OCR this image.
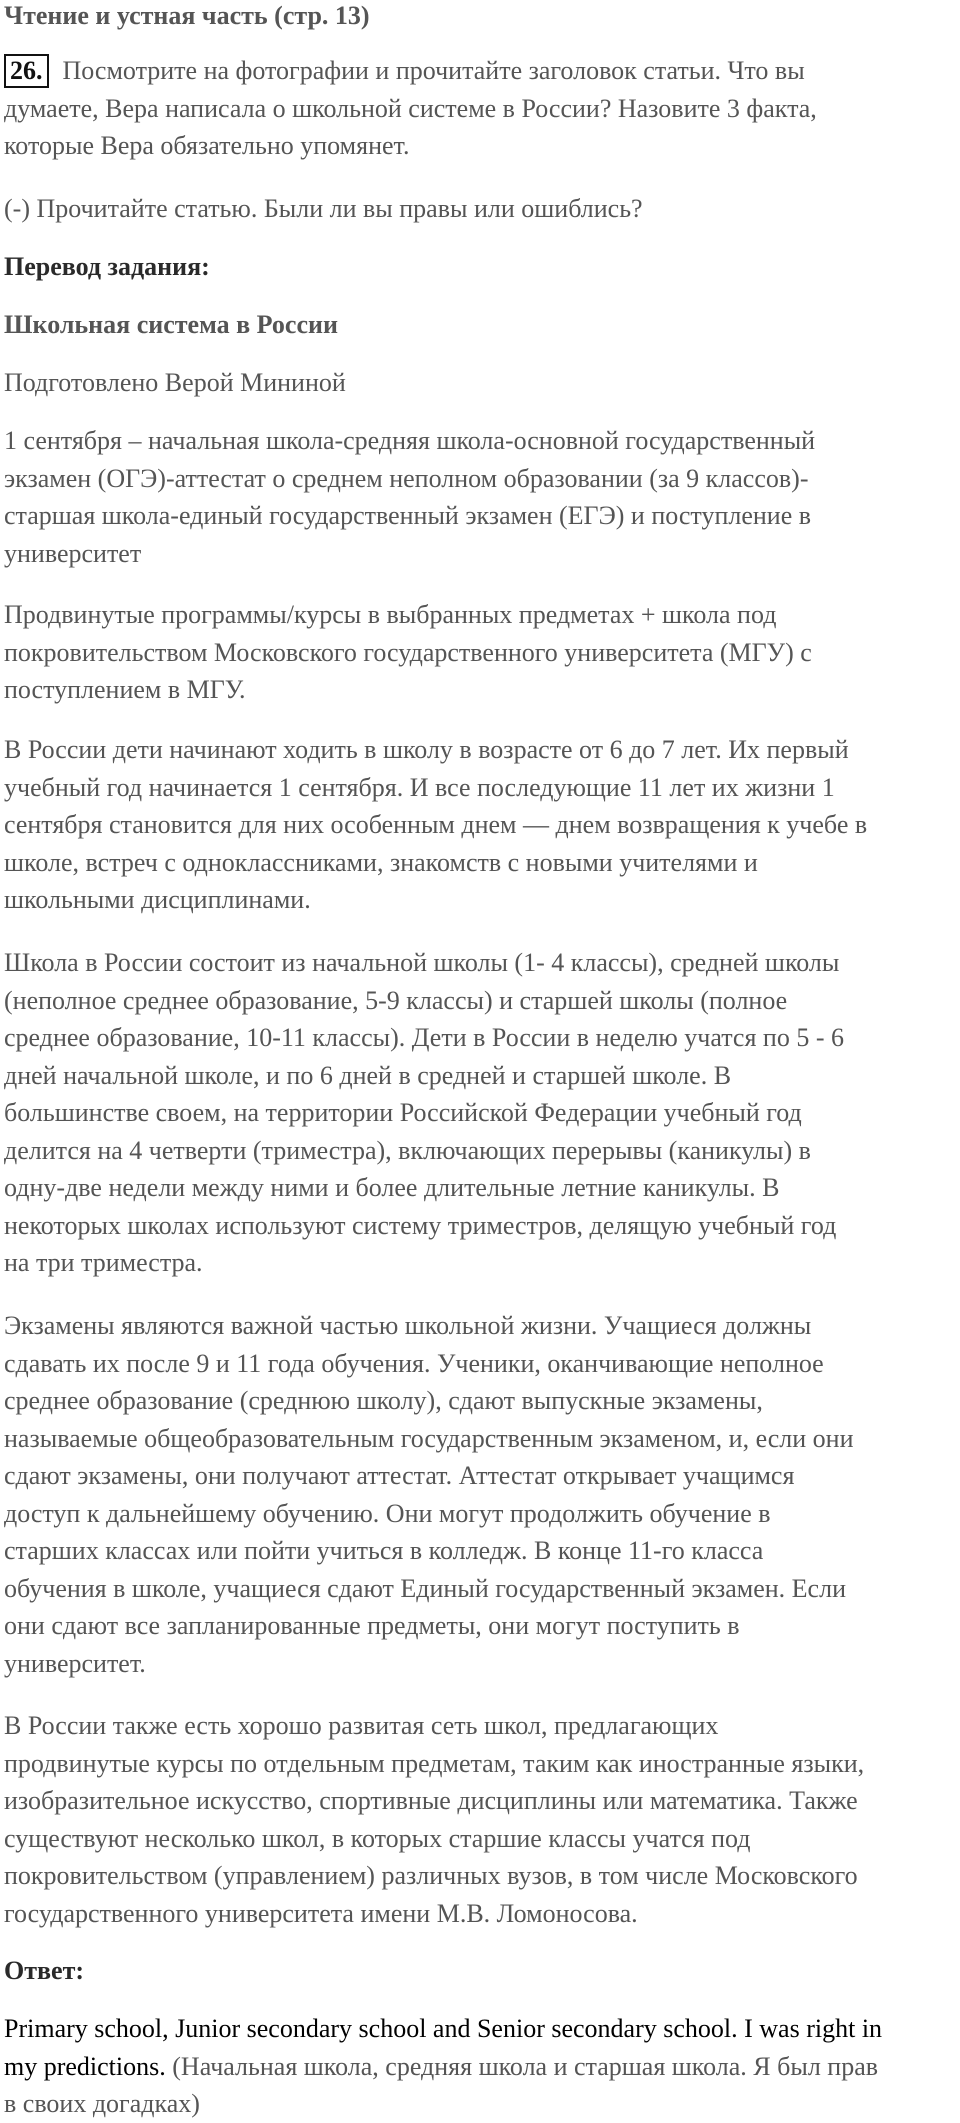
Чтение и устная часть (стр. 13)
26. Посмотрите на фотографии и прочитайте заголовок статьи. Что вы
думаете, Вера написала о школьной системе в России? Назовите 3 факта,
которые Вера обязательно упомянет.
(-) Прочитайте статью. Были ли вы правы или ошиблись?
Перевод задания:
Школьная система в России
Подготовлено Верой Мининой
1 сентября – начальная школа-средняя школа-основной государственный
экзамен (ОГЭ)-аттестат о среднем неполном образовании (за 9 классов)-
старшая школа-единый государственный экзамен (ЕГЭ) и поступление в
университет
Продвинутые программы/курсы в выбранных предметах + школа под
покровительством Московского государственного университета (МГУ) с
поступлением в МГУ.
В России дети начинают ходить в школу в возрасте от 6 до 7 лет. Их первый
учебный год начинается 1 сентября. И все последующие 11 лет их жизни 1
сентября становится для них особенным днем — днем возвращения к учебе в
школе, встреч с одноклассниками, знакомств с новыми учителями и
школьными дисциплинами.
Школа в России состоит из начальной школы (1- 4 классы), средней школы
(неполное среднее образование, 5-9 классы) и старшей школы (полное
среднее образование, 10-11 классы). Дети в России в неделю учатся по 5 - 6
дней начальной школе, и по 6 дней в средней и старшей школе. В
большинстве своем, на территории Российской Федерации учебный год
делится на 4 четверти (триместра), включающих перерывы (каникулы) в
одну-две недели между ними и более длительные летние каникулы. В
некоторых школах используют систему триместров, делящую учебный год
на три триместра.
Экзамены являются важной частью школьной жизни. Учащиеся должны
сдавать их после 9 и 11 года обучения. Ученики, оканчивающие неполное
среднее образование (среднюю школу), сдают выпускные экзамены,
называемые общеобразовательным государственным экзаменом, и, если они
сдают экзамены, они получают аттестат. Аттестат открывает учащимся
доступ к дальнейшему обучению. Они могут продолжить обучение в
старших классах или пойти учиться в колледж. В конце 11-го класса
обучения в школе, учащиеся сдают Единый государственный экзамен. Если
они сдают все запланированные предметы, они могут поступить в
университет.
В России также есть хорошо развитая сеть школ, предлагающих
продвинутые курсы по отдельным предметам, таким как иностранные языки,
изобразительное искусство, спортивные дисциплины или математика. Также
существуют несколько школ, в которых старшие классы учатся под
покровительством (управлением) различных вузов, в том числе Московского
государственного университета имени М.В. Ломоносова.
Ответ:
Primary school, Junior secondary school and Senior secondary school. I was right in
my predictions. (Начальная школа, средняя школа и старшая школа. Я был прав
в своих догадках)
